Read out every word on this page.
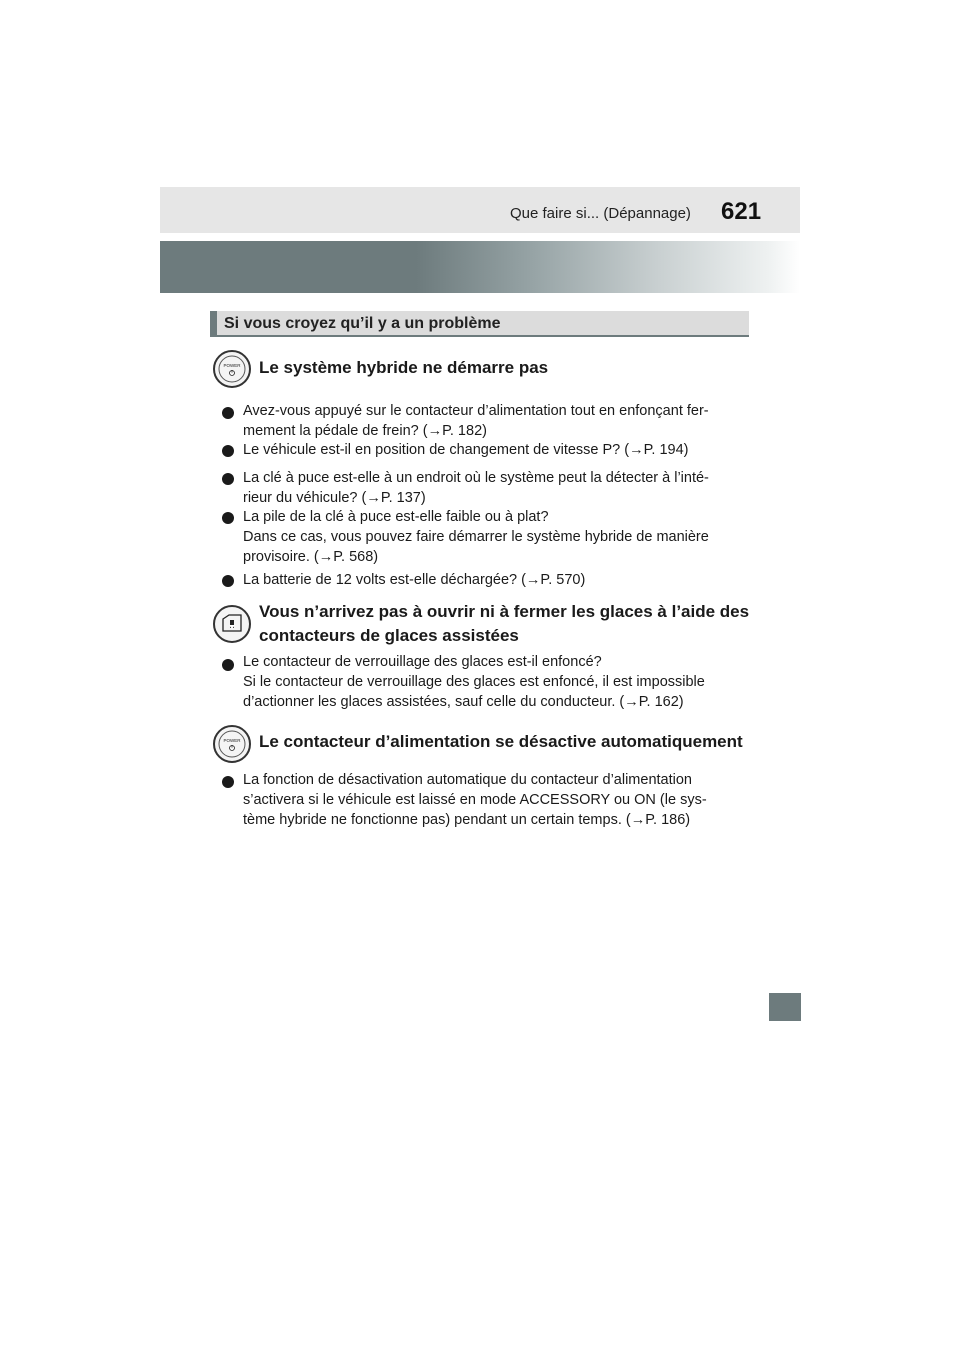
Que faire si... (Dépannage) 621
Si vous croyez qu’il y a un problème
POWER Le système hybride ne démarre pas
Avez-vous appuyé sur le contacteur d’alimentation tout en enfonçant fer-
mement la pédale de frein? (→P. 182)
Le véhicule est-il en position de changement de vitesse P? (→P. 194)
La clé à puce est-elle à un endroit où le système peut la détecter à l’inté-
rieur du véhicule? (→P. 137)
La pile de la clé à puce est-elle faible ou à plat?
Dans ce cas, vous pouvez faire démarrer le système hybride de manière
provisoire. (→P. 568)
La batterie de 12 volts est-elle déchargée? (→P. 570)
Vous n’arrivez pas à ouvrir ni à fermer les glaces à l’aide des
contacteurs de glaces assistées
Le contacteur de verrouillage des glaces est-il enfoncé?
Si le contacteur de verrouillage des glaces est enfoncé, il est impossible
d’actionner les glaces assistées, sauf celle du conducteur. (→P. 162)
POWER Le contacteur d’alimentation se désactive automatiquement
La fonction de désactivation automatique du contacteur d’alimentation
s’activera si le véhicule est laissé en mode ACCESSORY ou ON (le sys-
tème hybride ne fonctionne pas) pendant un certain temps. (→P. 186)
